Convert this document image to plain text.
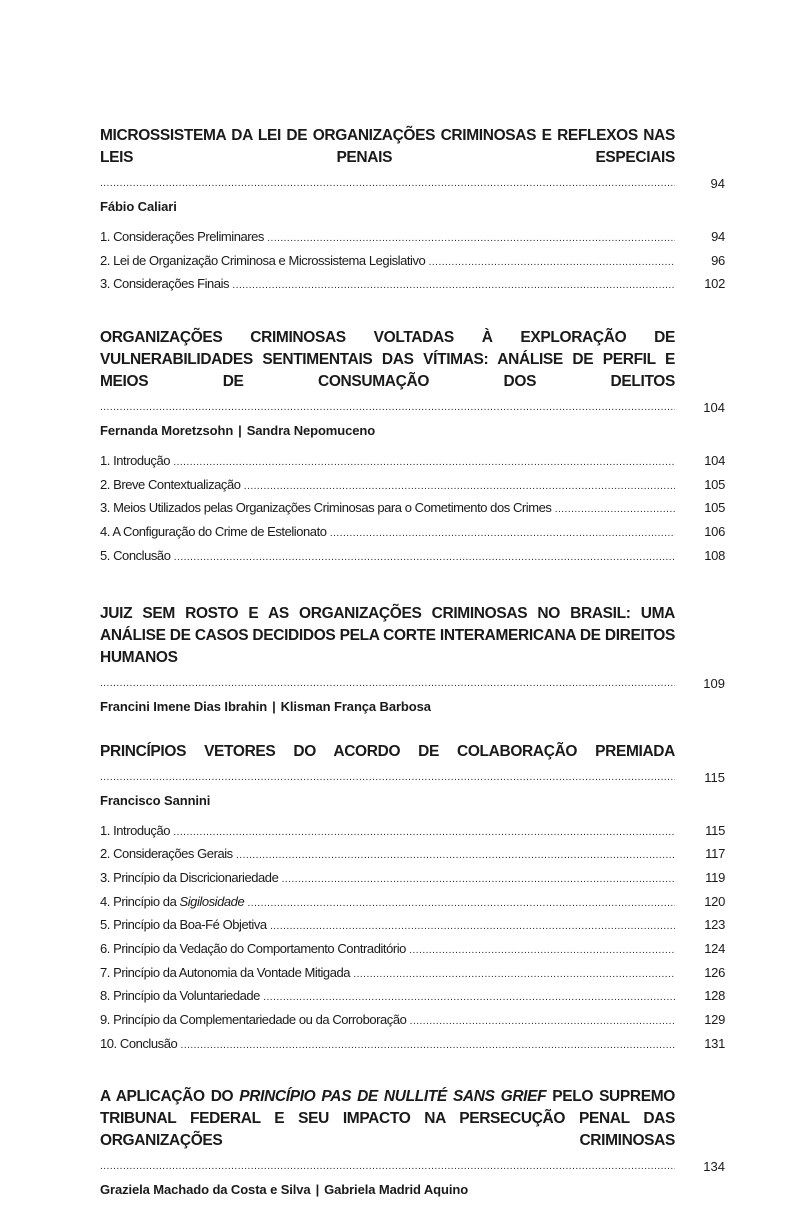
MICROSSISTEMA DA LEI DE ORGANIZAÇÕES CRIMINOSAS E REFLEXOS NAS LEIS PENAIS ESPECIAIS .....
94
Fábio Caliari
1. Considerações Preliminares .....	94
2. Lei de Organização Criminosa e Microssistema Legislativo .....	96
3. Considerações Finais .....	102
ORGANIZAÇÕES CRIMINOSAS VOLTADAS À EXPLORAÇÃO DE VULNERABILIDADES SENTIMENTAIS DAS VÍTIMAS: ANÁLISE DE PERFIL E MEIOS DE CONSUMAÇÃO DOS DELITOS .....
104
Fernanda Moretzsohn | Sandra Nepomuceno
1. Introdução .....	104
2. Breve Contextualização .....	105
3. Meios Utilizados pelas Organizações Criminosas para o Cometimento dos Crimes .....	105
4. A Configuração do Crime de Estelionato .....	106
5. Conclusão .....	108
JUIZ SEM ROSTO E AS ORGANIZAÇÕES CRIMINOSAS NO BRASIL: UMA ANÁLISE DE CASOS DECIDIDOS PELA CORTE INTERAMERICANA DE DIREITOS HUMANOS .....
109
Francini Imene Dias Ibrahin | Klisman França Barbosa
PRINCÍPIOS VETORES DO ACORDO DE COLABORAÇÃO PREMIADA .....
115
Francisco Sannini
1. Introdução .....	115
2. Considerações Gerais .....	117
3. Princípio da Discricionariedade .....	119
4. Princípio da Sigilosidade .....	120
5. Princípio da Boa-Fé Objetiva .....	123
6. Princípio da Vedação do Comportamento Contraditório .....	124
7. Princípio da Autonomia da Vontade Mitigada .....	126
8. Princípio da Voluntariedade .....	128
9. Princípio da Complementariedade ou da Corroboração .....	129
10. Conclusão .....	131
A APLICAÇÃO DO PRINCÍPIO PAS DE NULLITÉ SANS GRIEF PELO SUPREMO TRIBUNAL FEDERAL E SEU IMPACTO NA PERSECUÇÃO PENAL DAS ORGANIZAÇÕES CRIMINOSAS .....
134
Graziela Machado da Costa e Silva | Gabriela Madrid Aquino
